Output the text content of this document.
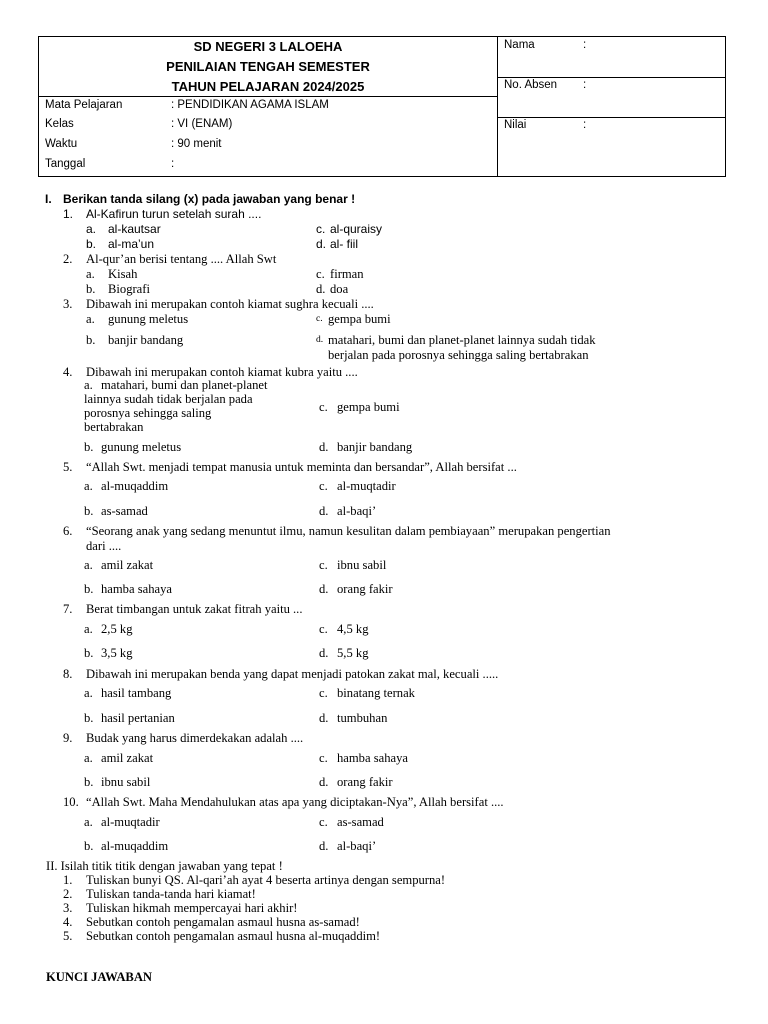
SD NEGERI 3 LALOEHA
PENILAIAN TENGAH SEMESTER
TAHUN PELAJARAN 2024/2025
Mata Pelajaran	: PENDIDIKAN AGAMA ISLAM
Kelas	: VI (ENAM)
Waktu	: 90 menit
Tanggal	:
Nama	:
No. Absen :
Nilai	:
I. Berikan tanda silang (x) pada jawaban yang benar !
1. Al-Kafirun turun setelah surah ....
a. al-kautsar
b. al-ma’un
c. al-quraisy
d. al- fiil
2. Al-qur’an berisi tentang .... Allah Swt
a. Kisah
b. Biografi
c. firman
d. doa
3. Dibawah ini merupakan contoh kiamat sughra kecuali ....
a. gunung meletus
b. banjir bandang
c. gempa bumi
d. matahari, bumi dan planet-planet lainnya sudah tidak
berjalan pada porosnya sehingga saling bertabrakan
4. Dibawah ini merupakan contoh kiamat kubra yaitu ....
a. matahari, bumi dan planet-planet
lainnya sudah tidak berjalan pada
porosnya sehingga saling
bertabrakan
c. gempa bumi
b. gunung meletus	d. banjir bandang
5. “Allah Swt. menjadi tempat manusia untuk meminta dan bersandar”, Allah bersifat ...
a. al-muqaddim	c. al-muqtadir
b. as-samad	d. al-baqi’
6. “Seorang anak yang sedang menuntut ilmu, namun kesulitan dalam pembiayaan” merupakan pengertian
dari ....
a. amil zakat	c. ibnu sabil
b. hamba sahaya	d. orang fakir
7. Berat timbangan untuk zakat fitrah yaitu ...
a. 2,5 kg	c. 4,5 kg
b. 3,5 kg	d. 5,5 kg
8. Dibawah ini merupakan benda yang dapat menjadi patokan zakat mal, kecuali .....
a. hasil tambang	c. binatang ternak
b. hasil pertanian	d. tumbuhan
9. Budak yang harus dimerdekakan adalah ....
a. amil zakat	c. hamba sahaya
b. ibnu sabil	d. orang fakir
10. “Allah Swt. Maha Mendahulukan atas apa yang diciptakan-Nya”, Allah bersifat ....
a. al-muqtadir	c. as-samad
b. al-muqaddim	d. al-baqi’
II. Isilah titik titik dengan jawaban yang tepat !
1. Tuliskan bunyi QS. Al-qari’ah ayat 4 beserta artinya dengan sempurna!
2. Tuliskan tanda-tanda hari kiamat!
3. Tuliskan hikmah mempercayai hari akhir!
4. Sebutkan contoh pengamalan asmaul husna as-samad!
5. Sebutkan contoh pengamalan asmaul husna al-muqaddim!
KUNCI JAWABAN
